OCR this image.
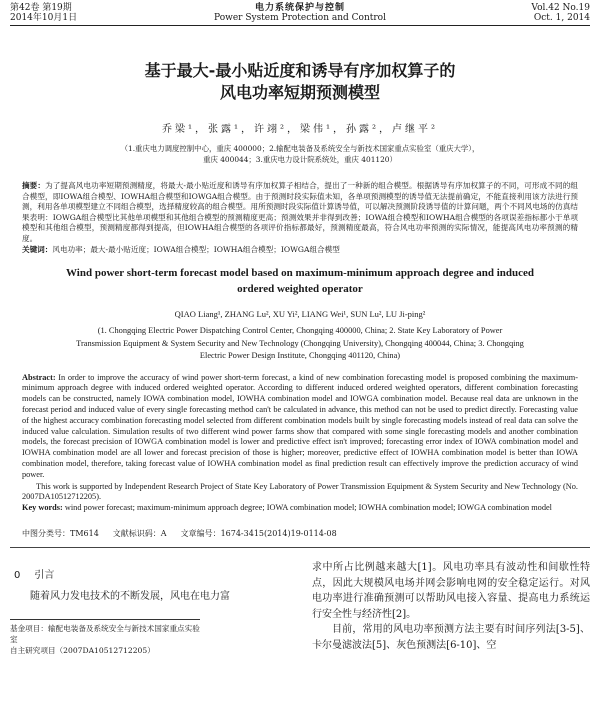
第42卷 第19期
2014年10月1日
电力系统保护与控制
Power System Protection and Control
Vol.42 No.19
Oct. 1, 2014
基于最大-最小贴近度和诱导有序加权算子的
风电功率短期预测模型
乔梁¹，张露¹，许翊²，梁伟¹，孙露²，卢继平²
（1.重庆电力调度控制中心，重庆 400000；2.输配电装备及系统安全与新技术国家重点实验室（重庆大学），
重庆 400044；3.重庆电力设计院系统处，重庆 401120）
摘要：为了提高风电功率短期预测精度，将最大-最小贴近度和诱导有序加权算子相结合，提出了一种新的组合模型。根据诱导有序加权算子的不同，可形成不同的组合模型，即IOWA组合模型、IOWHA组合模型和IOWGA组合模型。由于预测时段实际值未知，各单项预测模型的诱导值无法提前确定，不能直接利用该方法进行预测，利用各单项模型建立不同组合模型，选择精度较高的组合模型。用所预测时段实际值计算诱导值，可以解决预测阶段诱导值的计算问题，两个不同风电场的仿真结果表明：IOWGA组合模型比其他单项模型和其他组合模型的预测精度更高；预测效果并非得到改善；IOWA组合模型和IOWHA组合模型的各项误差指标都小于单项模型和其他组合模型，预测精度都得到提高，但IOWHA组合模型的各项评价指标都最好，预测精度最高，符合风电功率预测的实际情况，能提高风电功率预测的精度。
关键词：风电功率；最大-最小贴近度；IOWA组合模型；IOWHA组合模型；IOWGA组合模型
Wind power short-term forecast model based on maximum-minimum approach degree and induced
ordered weighted operator
QIAO Liang¹, ZHANG Lu², XU Yi², LIANG Wei¹, SUN Lu², LU Ji-ping²
(1. Chongqing Electric Power Dispatching Control Center, Chongqing 400000, China; 2. State Key Laboratory of Power
Transmission Equipment & System Security and New Technology (Chongqing University), Chongqing 400044, China; 3. Chongqing
Electric Power Design Institute, Chongqing 401120, China)
Abstract: In order to improve the accuracy of wind power short-term forecast, a kind of new combination forecasting model is proposed combining the maximum-minimum approach degree with induced ordered weighted operator. According to different induced ordered weighted operators, different combination forecasting models can be constructed, namely IOWA combination model, IOWHA combination model and IOWGA combination model. Because real data are unknown in the forecast period and induced value of every single forecasting method can't be calculated in advance, this method can not be used to predict directly. Forecasting value of the highest accuracy combination forecasting model selected from different combination models built by single forecasting models instead of real data can solve the induced value calculation. Simulation results of two different wind power farms show that compared with some single forecasting models and another combination models, the forecast precision of IOWGA combination model is lower and predictive effect isn't improved; forecasting error index of IOWA combination model and IOWHA combination model are all lower and forecast precision of those is higher; moreover, predictive effect of IOWHA combination model is better than IOWA combination model, therefore, taking forecast value of IOWHA combination model as final prediction result can effectively improve the prediction accuracy of wind power.
This work is supported by Independent Research Project of State Key Laboratory of Power Transmission Equipment & System Security and New Technology (No. 2007DA10512712205).
Key words: wind power forecast; maximum-minimum approach degree; IOWA combination model; IOWHA combination model; IOWGA combination model
中图分类号：TM614 文献标识码：A 文章编号：1674-3415(2014)19-0114-08
0 引言
随着风力发电技术的不断发展，风电在电力富
基金项目：输配电装备及系统安全与新技术国家重点实验室
自主研究项目（2007DA10512712205）
求中所占比例越来越大[1]。风电功率具有波动性和间歇性特点，因此大规模风电场并网会影响电网的安全稳定运行。对风电功率进行准确预测可以帮助风电接入容量、提高电力系统运行安全性与经济性[2]。
目前，常用的风电功率预测方法主要有时间序列法[3-5]、卡尔曼滤波法[5]、灰色预测法[6-10]、空
